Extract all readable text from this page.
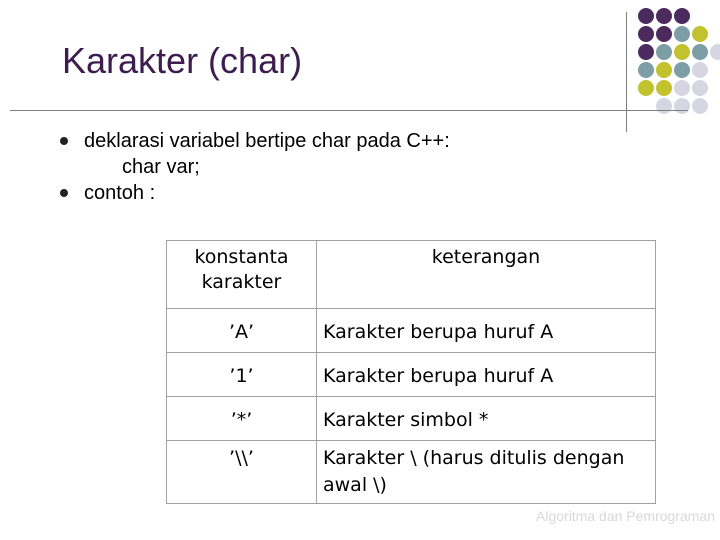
Karakter (char)
deklarasi variabel bertipe char pada C++:
char var;
contoh :
konstanta karakter	keterangan
’A’	Karakter berupa huruf A
’1’	Karakter berupa huruf A
’*’	Karakter simbol *
’\\’	Karakter \ (harus ditulis dengan awal \)
Algoritma dan Pemrograman
